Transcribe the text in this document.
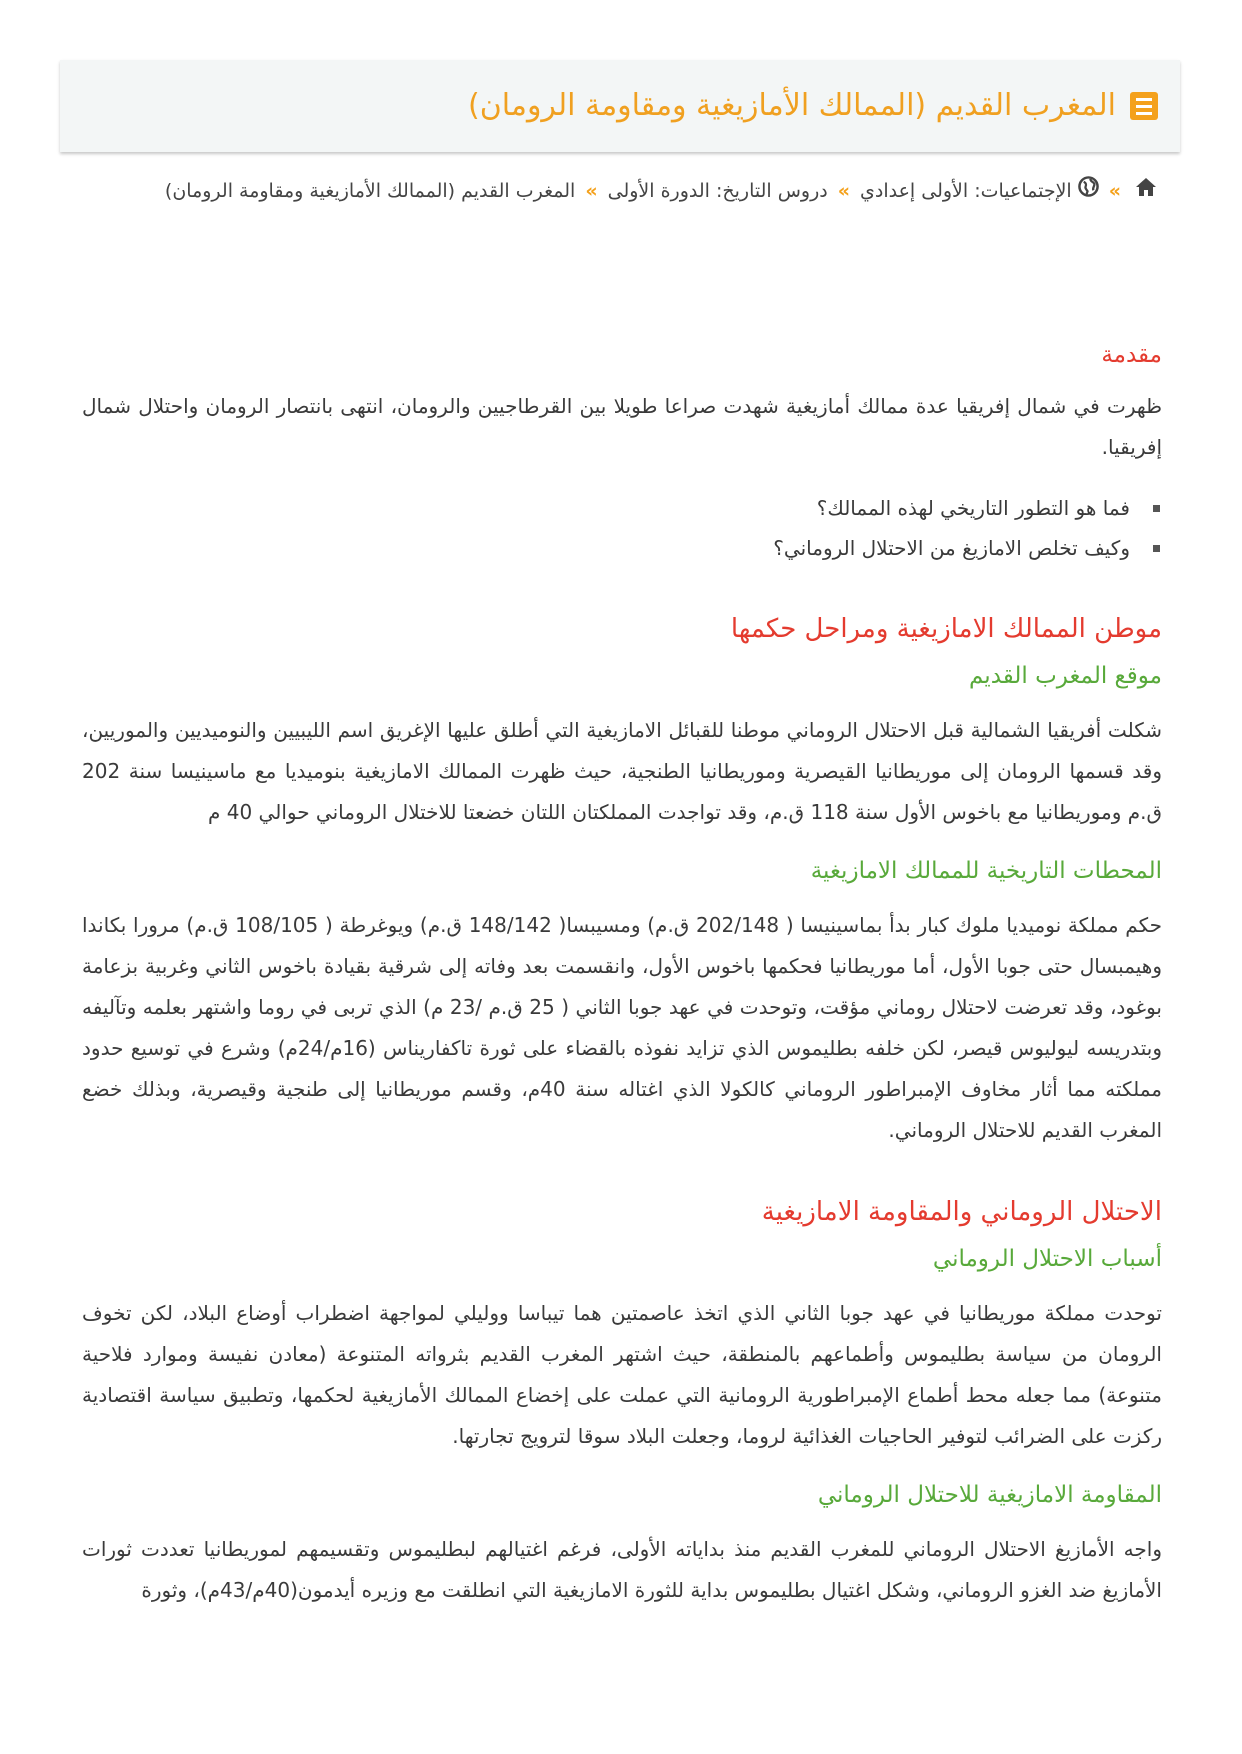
المغرب القديم (الممالك الأمازيغية ومقاومة الرومان)
»الإجتماعيات: الأولى إعدادي»دروس التاريخ: الدورة الأولى»المغرب القديم (الممالك الأمازيغية ومقاومة الرومان)
مقدمة

ظهرت في شمال إفريقيا عدة ممالك أمازيغية شهدت صراعا طويلا بين القرطاجيين والرومان، انتهى بانتصار الرومان واحتلال شمال إفريقيا.

فما هو التطور التاريخي لهذه الممالك؟
وكيف تخلص الامازيغ من الاحتلال الروماني؟
موطن الممالك الامازيغية ومراحل حكمها
موقع المغرب القديم

شكلت أفريقيا الشمالية قبل الاحتلال الروماني موطنا للقبائل الامازيغية التي أطلق عليها الإغريق اسم الليبيين والنوميديين والموريين، وقد قسمها الرومان إلى موريطانيا القيصرية وموريطانيا الطنجية، حيث ظهرت الممالك الامازيغية بنوميديا مع ماسينيسا سنة 202 ق.م وموريطانيا مع باخوس الأول سنة 118 ق.م، وقد تواجدت المملكتان اللتان خضعتا للاختلال الروماني حوالي 40 م

المحطات التاريخية للممالك الامازيغية

حكم مملكة نوميديا ملوك كبار بدأ بماسينيسا ( 202/148 ق.م) ومسيبسا( 148/142 ق.م) ويوغرطة ( 108/105 ق.م) مرورا بكاندا وهيمبسال حتى جوبا الأول، أما موريطانيا فحكمها باخوس الأول، وانقسمت بعد وفاته إلى شرقية بقيادة باخوس الثاني وغربية بزعامة بوغود، وقد تعرضت لاحتلال روماني مؤقت، وتوحدت في عهد جوبا الثاني ( 25 ق.م /23 م) الذي تربى في روما واشتهر بعلمه وتآليفه وبتدريسه ليوليوس قيصر، لكن خلفه بطليموس الذي تزايد نفوذه بالقضاء على ثورة تاكفاريناس (16م/24م) وشرع في توسيع حدود مملكته مما أثار مخاوف الإمبراطور الروماني كالكولا الذي اغتاله سنة 40م، وقسم موريطانيا إلى طنجية وقيصرية، وبذلك خضع المغرب القديم للاحتلال الروماني.

الاحتلال الروماني والمقاومة الامازيغية
أسباب الاحتلال الروماني

توحدت مملكة موريطانيا في عهد جوبا الثاني الذي اتخذ عاصمتين هما تيباسا ووليلي لمواجهة اضطراب أوضاع البلاد، لكن تخوف الرومان من سياسة بطليموس وأطماعهم بالمنطقة، حيث اشتهر المغرب القديم بثرواته المتنوعة (معادن نفيسة وموارد فلاحية متنوعة) مما جعله محط أطماع الإمبراطورية الرومانية التي عملت على إخضاع الممالك الأمازيغية لحكمها، وتطبيق سياسة اقتصادية ركزت على الضرائب لتوفير الحاجيات الغذائية لروما، وجعلت البلاد سوقا لترويج تجارتها.

المقاومة الامازيغية للاحتلال الروماني

واجه الأمازيغ الاحتلال الروماني للمغرب القديم منذ بداياته الأولى، فرغم اغتيالهم لبطليموس وتقسيمهم لموريطانيا تعددت ثورات الأمازيغ ضد الغزو الروماني، وشكل اغتيال بطليموس بداية للثورة الامازيغية التي انطلقت مع وزيره أيدمون(40م/43م)، وثورة
